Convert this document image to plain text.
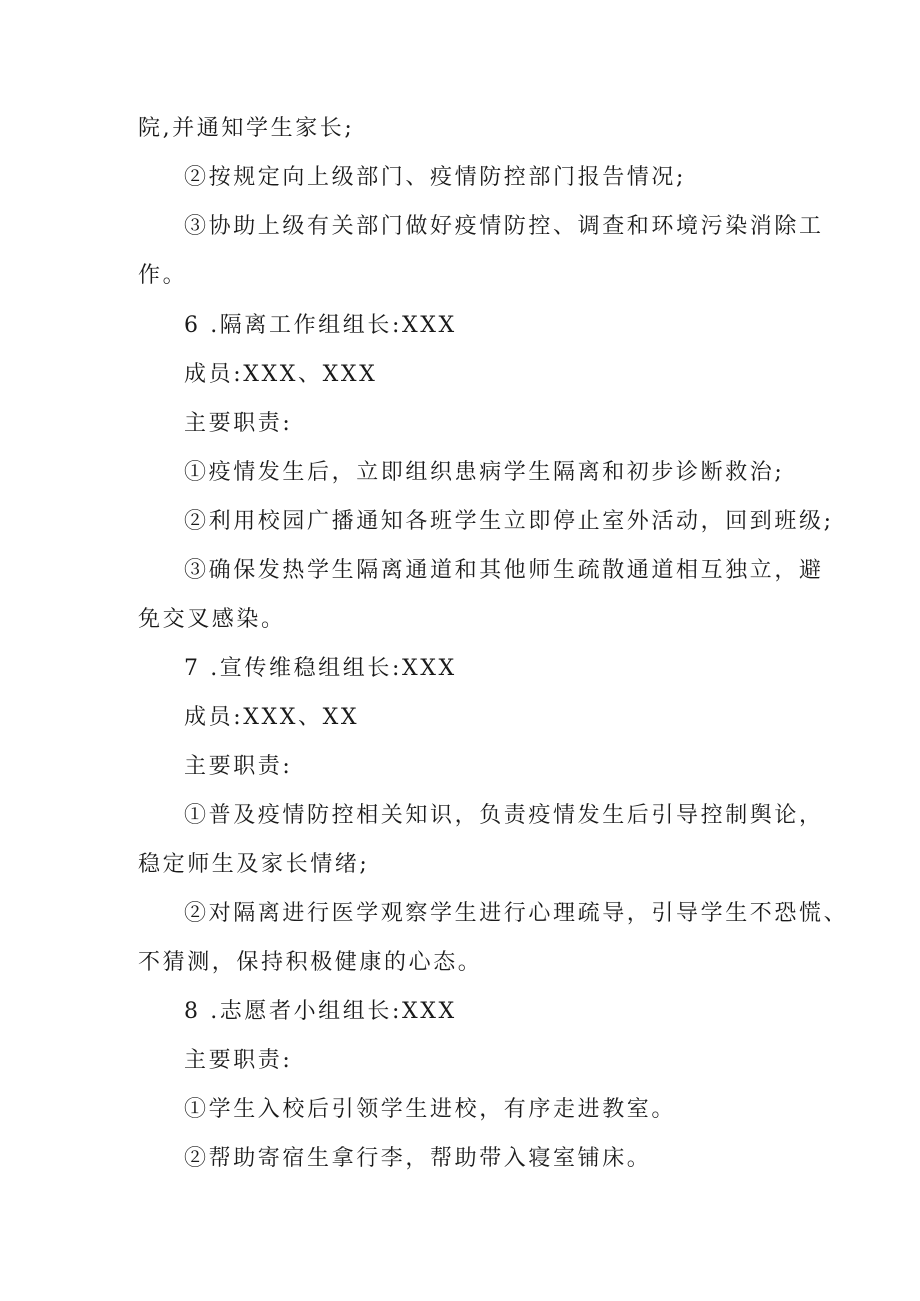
院,并通知学生家长;
②按规定向上级部门、疫情防控部门报告情况;
③协助上级有关部门做好疫情防控、调查和环境污染消除工
作。
6 .隔离工作组组长:XXX
成员:XXX、XXX
主要职责:
①疫情发生后，立即组织患病学生隔离和初步诊断救治;
②利用校园广播通知各班学生立即停止室外活动，回到班级;
③确保发热学生隔离通道和其他师生疏散通道相互独立，避
免交叉感染。
7 .宣传维稳组组长:XXX
成员:XXX、XX
主要职责:
①普及疫情防控相关知识，负责疫情发生后引导控制舆论，
稳定师生及家长情绪;
②对隔离进行医学观察学生进行心理疏导，引导学生不恐慌、
不猜测，保持积极健康的心态。
8 .志愿者小组组长:XXX
主要职责:
①学生入校后引领学生进校，有序走进教室。
②帮助寄宿生拿行李，帮助带入寝室铺床。
